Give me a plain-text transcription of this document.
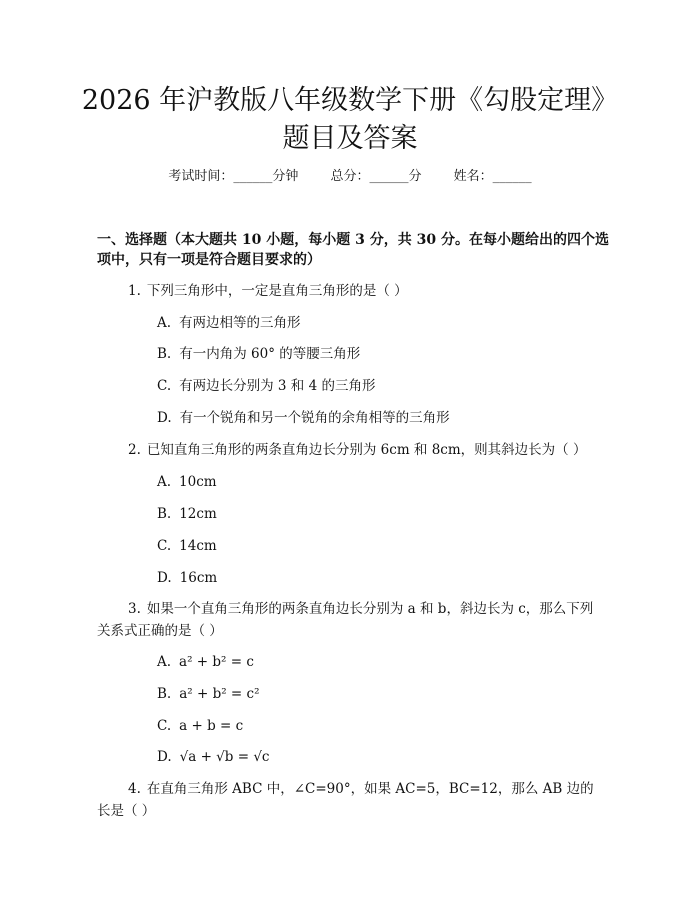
2026 年沪教版八年级数学下册《勾股定理》
题目及答案
考试时间：______分钟 总分：______分 姓名：______
一、选择题（本大题共 10 小题，每小题 3 分，共 30 分。在每小题给出的四个选项中，只有一项是符合题目要求的）
1. 下列三角形中，一定是直角三角形的是（ ）
A. 有两边相等的三角形
B. 有一内角为 60° 的等腰三角形
C. 有两边长分别为 3 和 4 的三角形
D. 有一个锐角和另一个锐角的余角相等的三角形
2. 已知直角三角形的两条直角边长分别为 6cm 和 8cm，则其斜边长为（ ）
A. 10cm
B. 12cm
C. 14cm
D. 16cm
3. 如果一个直角三角形的两条直角边长分别为 a 和 b，斜边长为 c，那么下列关系式正确的是（ ）
A. a² + b² = c
B. a² + b² = c²
C. a + b = c
D. √a + √b = √c
4. 在直角三角形 ABC 中，∠C=90°，如果 AC=5，BC=12，那么 AB 边的长是（ ）
